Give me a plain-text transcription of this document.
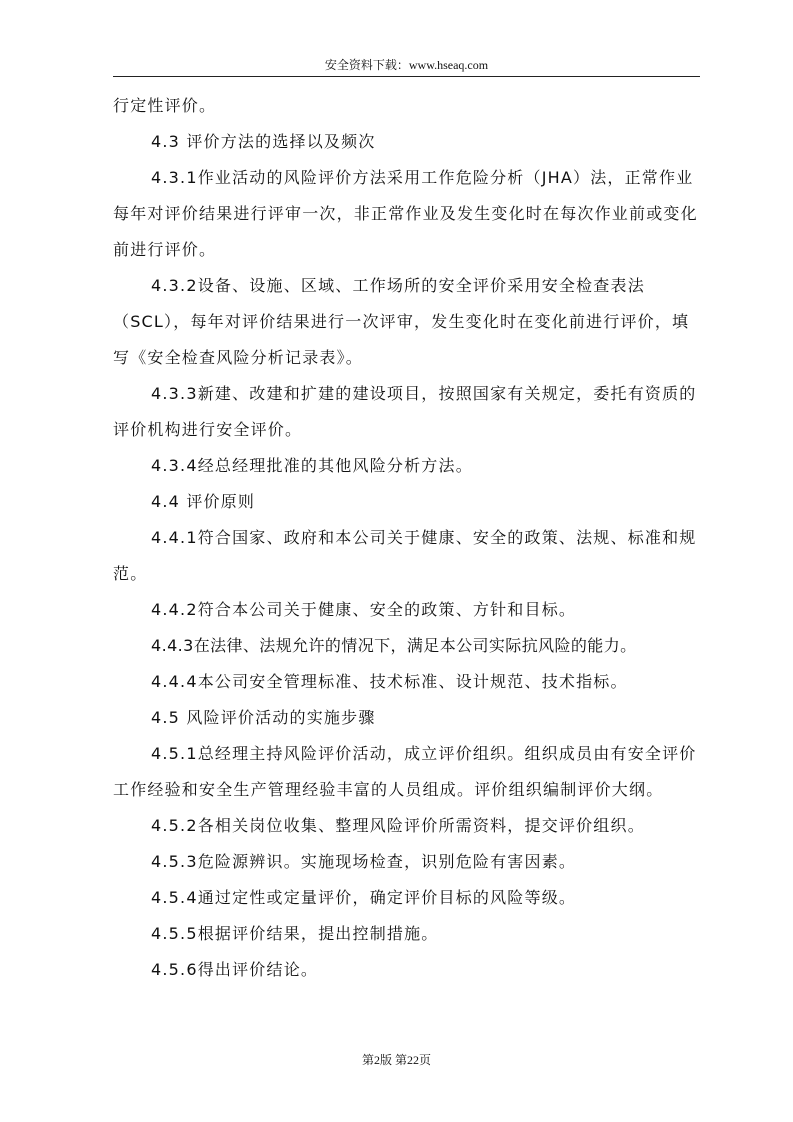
安全资料下载：www.hseaq.com

行定性评价。

4.3 评价方法的选择以及频次

4.3.1作业活动的风险评价方法采用工作危险分析（JHA）法，正常作业每年对评价结果进行评审一次，非正常作业及发生变化时在每次作业前或变化前进行评价。

4.3.2设备、设施、区域、工作场所的安全评价采用安全检查表法（SCL），每年对评价结果进行一次评审，发生变化时在变化前进行评价，填写《安全检查风险分析记录表》。

4.3.3新建、改建和扩建的建设项目，按照国家有关规定，委托有资质的评价机构进行安全评价。

4.3.4经总经理批准的其他风险分析方法。

4.4 评价原则

4.4.1符合国家、政府和本公司关于健康、安全的政策、法规、标准和规范。

4.4.2符合本公司关于健康、安全的政策、方针和目标。

4.4.3在法律、法规允许的情况下，满足本公司实际抗风险的能力。

4.4.4本公司安全管理标准、技术标准、设计规范、技术指标。

4.5 风险评价活动的实施步骤

4.5.1总经理主持风险评价活动，成立评价组织。组织成员由有安全评价工作经验和安全生产管理经验丰富的人员组成。评价组织编制评价大纲。

4.5.2各相关岗位收集、整理风险评价所需资料，提交评价组织。

4.5.3危险源辨识。实施现场检查，识别危险有害因素。

4.5.4通过定性或定量评价，确定评价目标的风险等级。

4.5.5根据评价结果，提出控制措施。

4.5.6得出评价结论。

第2版 第22页
